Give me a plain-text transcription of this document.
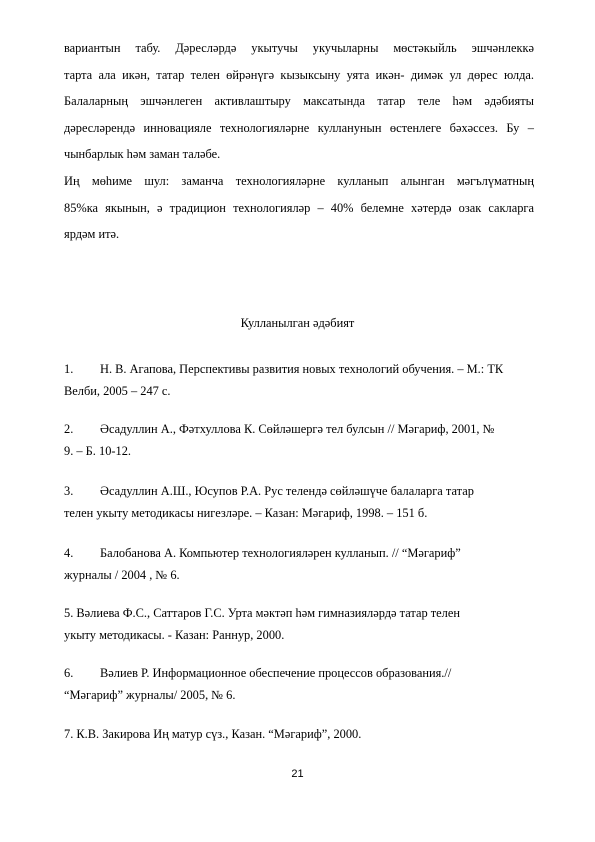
вариантын табу. Дәресләрдә укытучы укучыларны мөстәкыйль эшчәнлеккә
тарта ала икән, татар телен өйрәнүгә кызыксыну уята икән- димәк ул дөрес юлда.
Балаларның эшчәнлеген активлаштыру максатында татар теле һәм әдәбияты
дәресләрендә инновацияле технологияләрне кулланунын өстенлеге бәхәссез. Бу –
чынбарлык һәм заман таләбе.
Иң мөһиме шул: заманча технологияләрне кулланып алынган мәгълүматның
85%ка якынын, ә традицион технологияләр – 40% белемне хәтердә озак сакларга
ярдәм итә.
Кулланылган әдәбият
1. Н. В. Агапова, Перспективы развития новых технологий обучения. – М.: ТК
Велби, 2005 – 247 с.
2. Әсадуллин А., Фәтхуллова К. Сөйләшергә тел булсын // Мәгариф, 2001, №
9. – Б. 10-12.
3. Әсадуллин А.Ш., Юсупов Р.А. Рус телендә сөйләшүче балаларга татар
телен укыту методикасы нигезләре. – Казан: Мәгариф, 1998. – 151 б.
4. Балобанова А. Компьютер технологияләрен кулланып. // “Мәгариф”
журналы / 2004 , № 6.
5. Вәлиева Ф.С., Саттаров Г.С. Урта мәктәп һәм гимназияләрдә татар телен
укыту методикасы. - Казан: Раннур, 2000.
6. Вәлиев Р. Информационное обеспечение процессов образования.//
“Мәгариф” журналы/ 2005, № 6.
7. К.В. Закирова Иң матур сүз., Казан. “Мәгариф”, 2000.
21
